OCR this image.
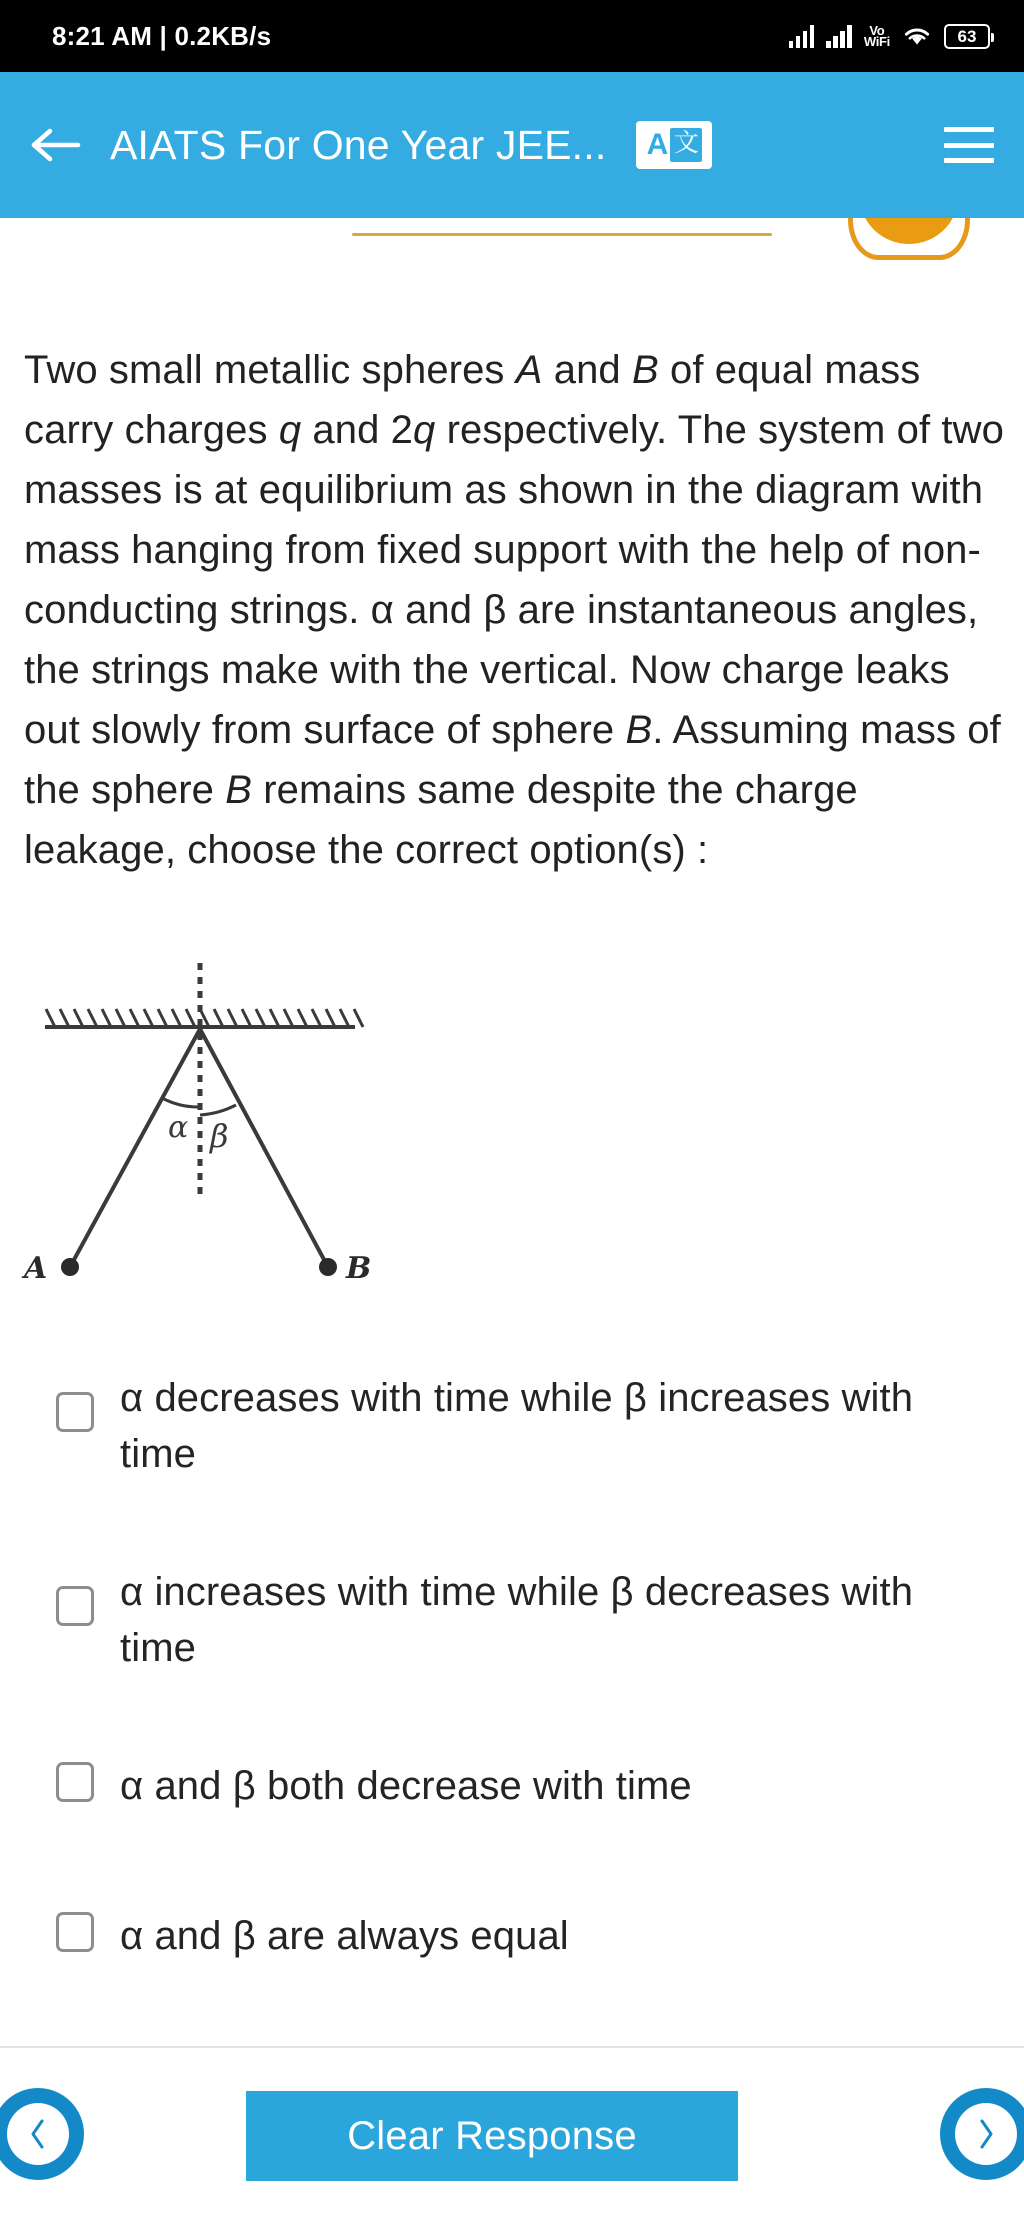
8:21 AM | 0.2KB/s	Vo
WiFi	63
AIATS For One Year JEE... A 文
Two small metallic spheres A and B of equal mass carry charges q and 2q respectively. The system of two masses is at equilibrium as shown in the diagram with mass hanging from fixed support with the help of non-conducting strings. α and β are instantaneous angles, the strings make with the vertical. Now charge leaks out slowly from surface of sphere B. Assuming mass of the sphere B remains same despite the charge leakage, choose the correct option(s) :
α β
A	B
α decreases with time while β increases with time
α increases with time while β decreases with time
α and β both decrease with time
α and β are always equal
Clear Response
